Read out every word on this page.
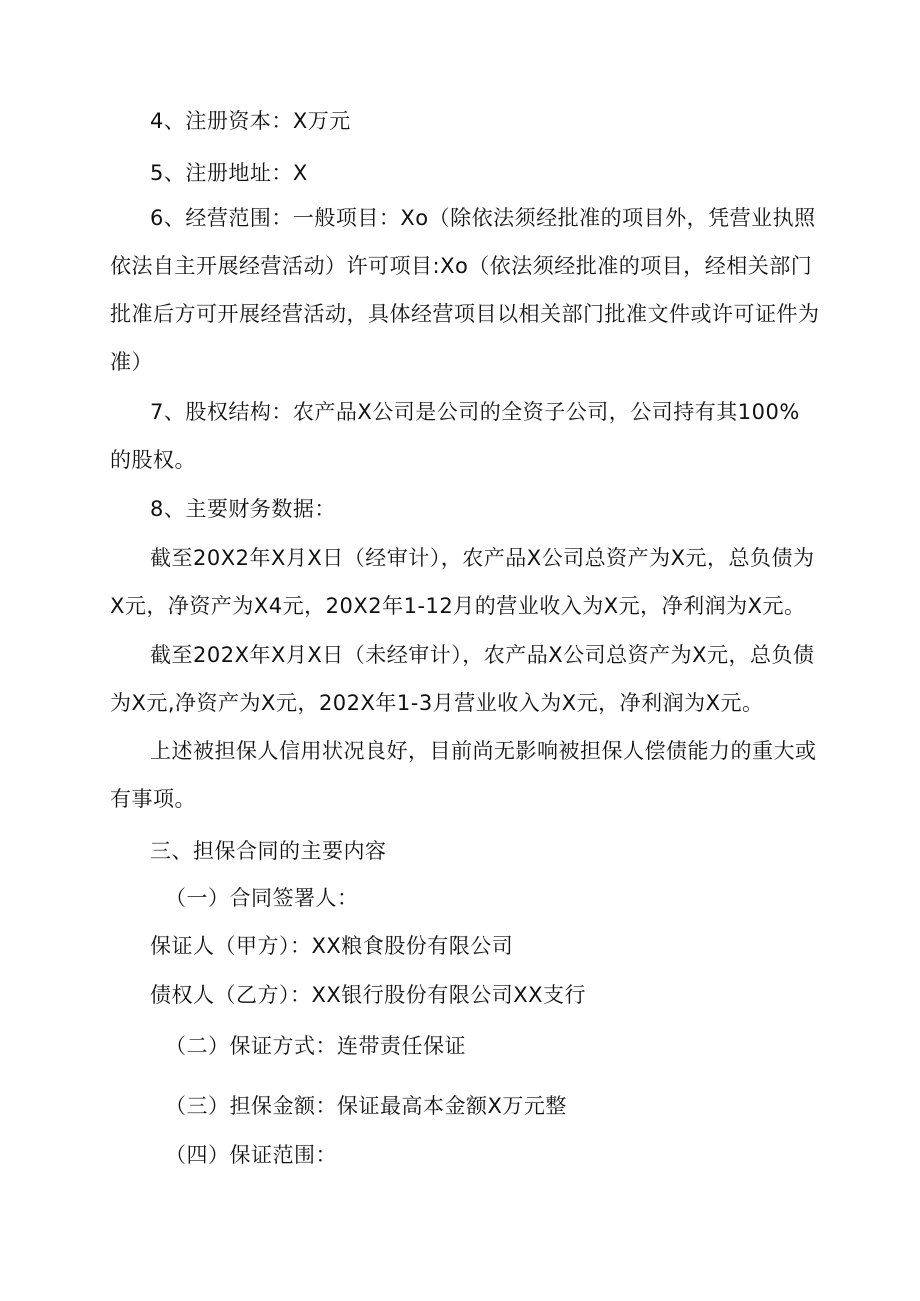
4、注册资本：X万元

5、注册地址：X

6、经营范围：一般项目：Xo（除依法须经批准的项目外，凭营业执照依法自主开展经营活动）许可项目:Xo（依法须经批准的项目，经相关部门批准后方可开展经营活动，具体经营项目以相关部门批准文件或许可证件为准）

7、股权结构：农产品X公司是公司的全资子公司，公司持有其100%的股权。

8、主要财务数据：

截至20X2年X月X日（经审计），农产品X公司总资产为X元，总负债为X元，净资产为X4元，20X2年1-12月的营业收入为X元，净利润为X元。

截至202X年X月X日（未经审计），农产品X公司总资产为X元，总负债为X元,净资产为X元，202X年1-3月营业收入为X元，净利润为X元。

上述被担保人信用状况良好，目前尚无影响被担保人偿债能力的重大或有事项。

三、担保合同的主要内容

（一）合同签署人：

保证人（甲方）：XX粮食股份有限公司

债权人（乙方）：XX银行股份有限公司XX支行

（二）保证方式：连带责任保证

（三）担保金额：保证最高本金额X万元整

（四）保证范围：
